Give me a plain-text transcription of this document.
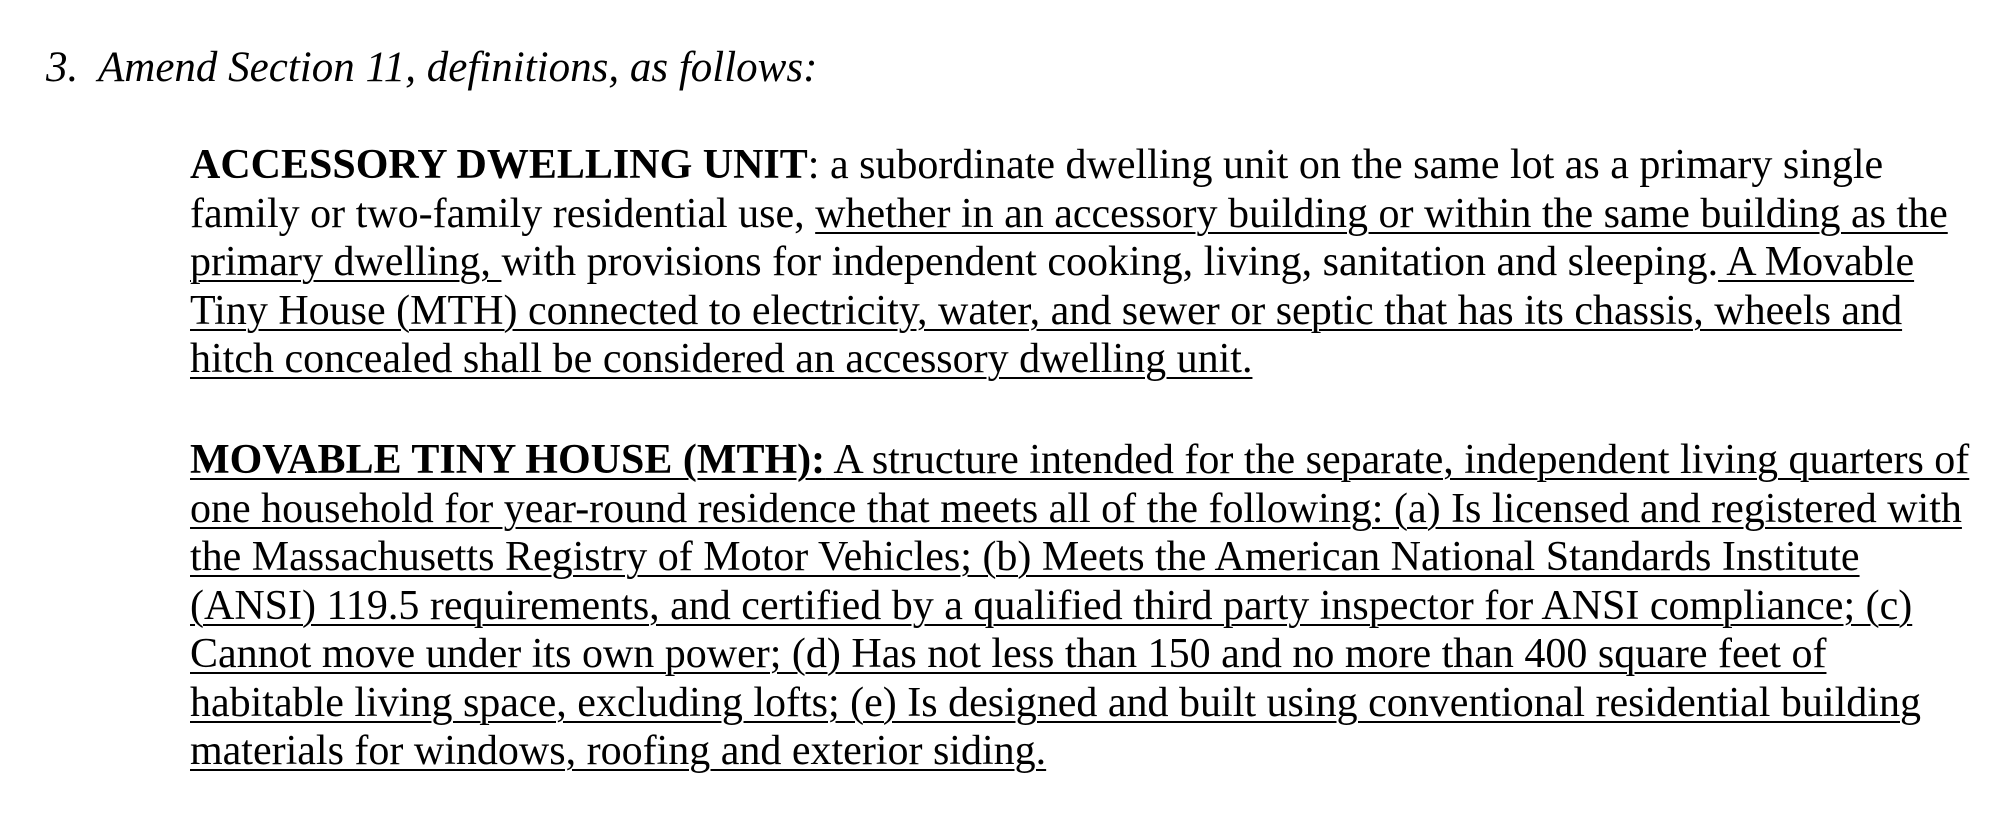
3. Amend Section 11, definitions, as follows:

ACCESSORY DWELLING UNIT: a subordinate dwelling unit on the same lot as a primary single family or two-family residential use, whether in an accessory building or within the same building as the primary dwelling, with provisions for independent cooking, living, sanitation and sleeping. A Movable Tiny House (MTH) connected to electricity, water, and sewer or septic that has its chassis, wheels and hitch concealed shall be considered an accessory dwelling unit.

MOVABLE TINY HOUSE (MTH): A structure intended for the separate, independent living quarters of one household for year-round residence that meets all of the following: (a) Is licensed and registered with the Massachusetts Registry of Motor Vehicles; (b) Meets the American National Standards Institute (ANSI) 119.5 requirements, and certified by a qualified third party inspector for ANSI compliance; (c) Cannot move under its own power; (d) Has not less than 150 and no more than 400 square feet of habitable living space, excluding lofts; (e) Is designed and built using conventional residential building materials for windows, roofing and exterior siding.
